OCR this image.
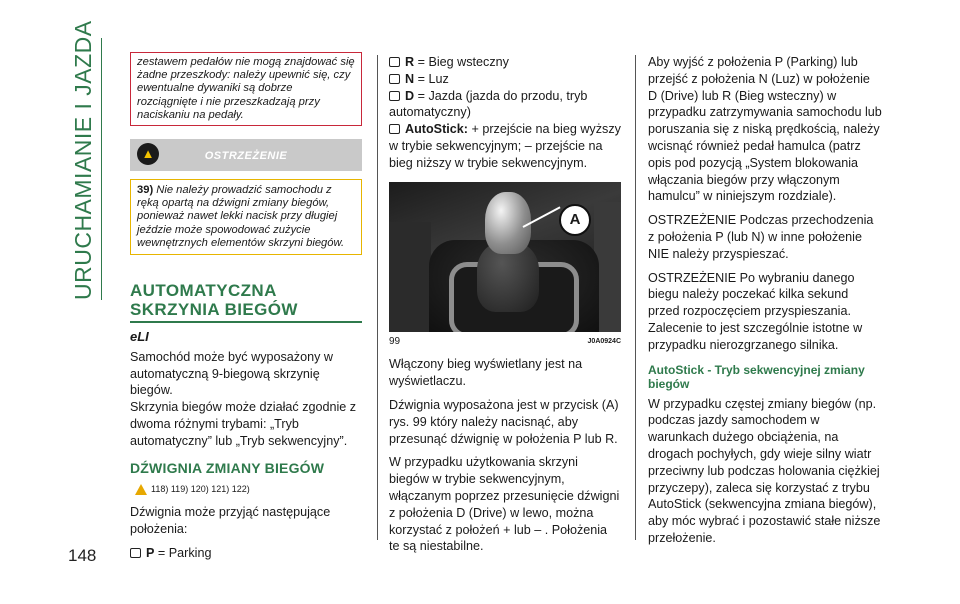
URUCHAMIANIE I JAZDA
148

zestawem pedałów nie mogą znajdować się żadne przeszkody: należy upewnić się, czy ewentualne dywaniki są dobrze rozciągnięte i nie przeszkadzają przy naciskaniu na pedały.

▲	OSTRZEŻENIE
39) Nie należy prowadzić samochodu z ręką opartą na dźwigni zmiany biegów, ponieważ nawet lekki nacisk przy długiej jeździe może spowodować zużycie wewnętrznych elementów skrzyni biegów.
AUTOMATYCZNA
SKRZYNIA BIEGÓW
eLI

Samochód może być wyposażony w automatyczną 9-biegową skrzynię biegów.

Skrzynia biegów może działać zgodnie z dwoma różnymi trybami: „Tryb automatyczny” lub „Tryb sekwencyjny”.

DŹWIGNIA ZMIANY BIEGÓW
118) 119) 120) 121) 122)

Dźwignia może przyjąć następujące położenia:

P = Parking

R = Bieg wsteczny

N = Luz

D = Jazda (jazda do przodu, tryb automatyczny)

AutoStick: + przejście na bieg wyższy w trybie sekwencyjnym; – przejście na bieg niższy w trybie sekwencyjnym.

A
99	J0A0924C

Włączony bieg wyświetlany jest na wyświetlaczu.

Dźwignia wyposażona jest w przycisk (A) rys. 99 który należy nacisnąć, aby przesunąć dźwignię w położenia P lub R.

W przypadku użytkowania skrzyni biegów w trybie sekwencyjnym, włączanym poprzez przesunięcie dźwigni z położenia D (Drive) w lewo, można korzystać z położeń + lub – . Położenia te są niestabilne.

Aby wyjść z położenia P (Parking) lub przejść z położenia N (Luz) w położenie D (Drive) lub R (Bieg wsteczny) w przypadku zatrzymywania samochodu lub poruszania się z niską prędkością, należy wcisnąć również pedał hamulca (patrz opis pod pozycją „System blokowania włączania biegów przy włączonym hamulcu” w niniejszym rozdziale).

OSTRZEŻENIE Podczas przechodzenia z położenia P (lub N) w inne położenie NIE należy przyspieszać.

OSTRZEŻENIE Po wybraniu danego biegu należy poczekać kilka sekund przed rozpoczęciem przyspieszania. Zalecenie to jest szczególnie istotne w przypadku nierozgrzanego silnika.

AutoStick - Tryb sekwencyjnej zmiany biegów

W przypadku częstej zmiany biegów (np. podczas jazdy samochodem w warunkach dużego obciążenia, na drogach pochyłych, gdy wieje silny wiatr przeciwny lub podczas holowania ciężkiej przyczepy), zaleca się korzystać z trybu AutoStick (sekwencyjna zmiana biegów), aby móc wybrać i pozostawić stałe niższe przełożenie.
